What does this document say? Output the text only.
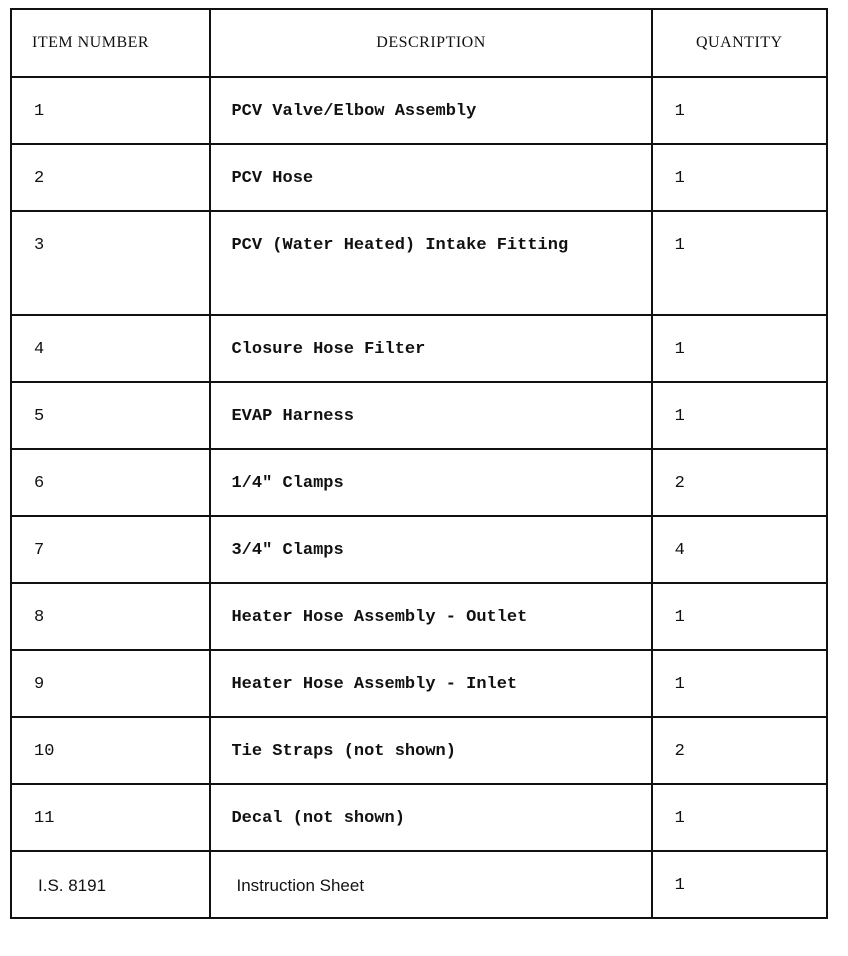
ITEM NUMBER	DESCRIPTION	QUANTITY
1	PCV Valve/Elbow Assembly	1
2	PCV Hose	1
3	PCV (Water Heated) Intake Fitting	1
4	Closure Hose Filter	1
5	EVAP Harness	1
6	1/4" Clamps	2
7	3/4" Clamps	4
8	Heater Hose Assembly - Outlet	1
9	Heater Hose Assembly - Inlet	1
10	Tie Straps (not shown)	2
11	Decal (not shown)	1
I.S. 8191	Instruction Sheet	1
